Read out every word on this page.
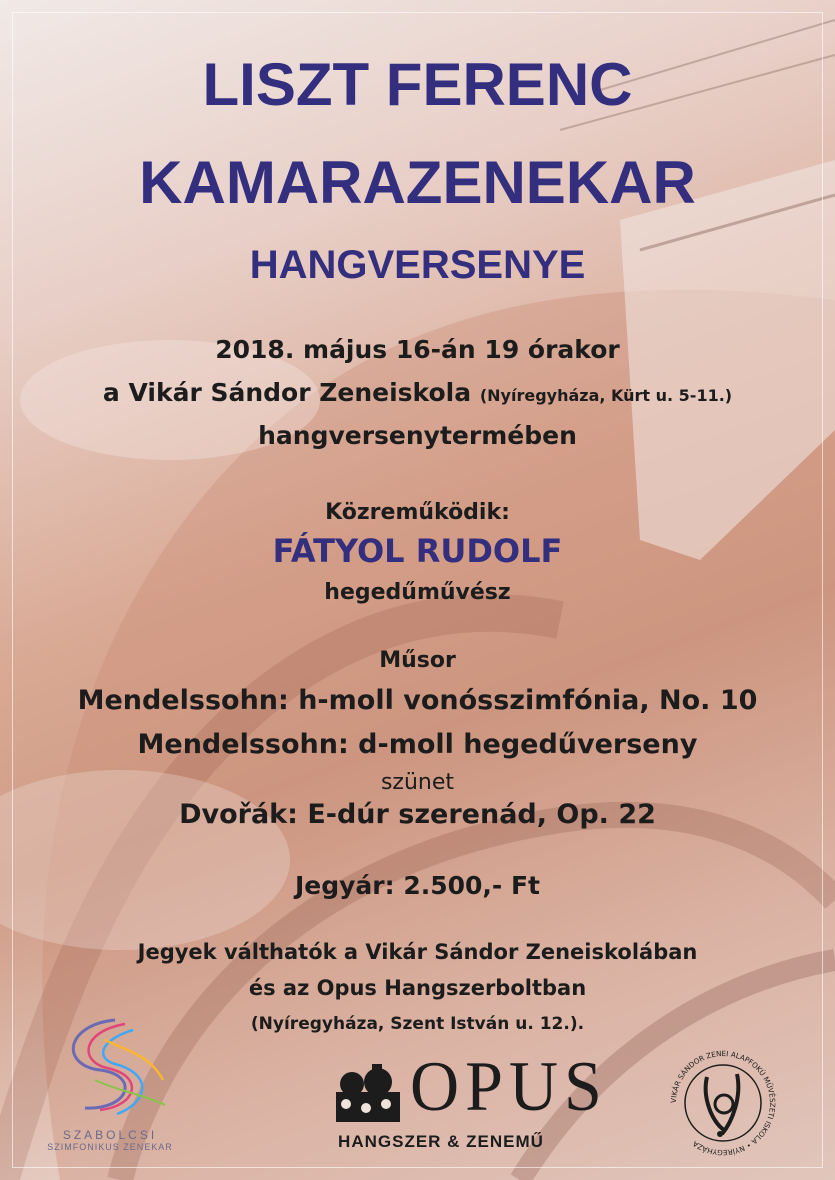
LISZT FERENC
KAMARAZENEKAR
HANGVERSENYE
2018. május 16-án 19 órakor
a Vikár Sándor Zeneiskola (Nyíregyháza, Kürt u. 5-11.)
hangversenytermében
Közreműködik:
FÁTYOL RUDOLF
hegedűművész
Műsor
Mendelssohn: h-moll vonósszimfónia, No. 10
Mendelssohn: d-moll hegedűverseny
szünet
Dvořák: E-dúr szerenád, Op. 22
Jegyár: 2.500,- Ft
Jegyek válthatók a Vikár Sándor Zeneiskolában
és az Opus Hangszerboltban
(Nyíregyháza, Szent István u. 12.).
SZABOLCSI
SZIMFONIKUS ZENEKAR
OPUS
HANGSZER & ZENEMŰ
VIKÁR SÁNDOR ZENEI ALAPFOKÚ MŰVÉSZETI ISKOLA • NYÍREGYHÁZA
